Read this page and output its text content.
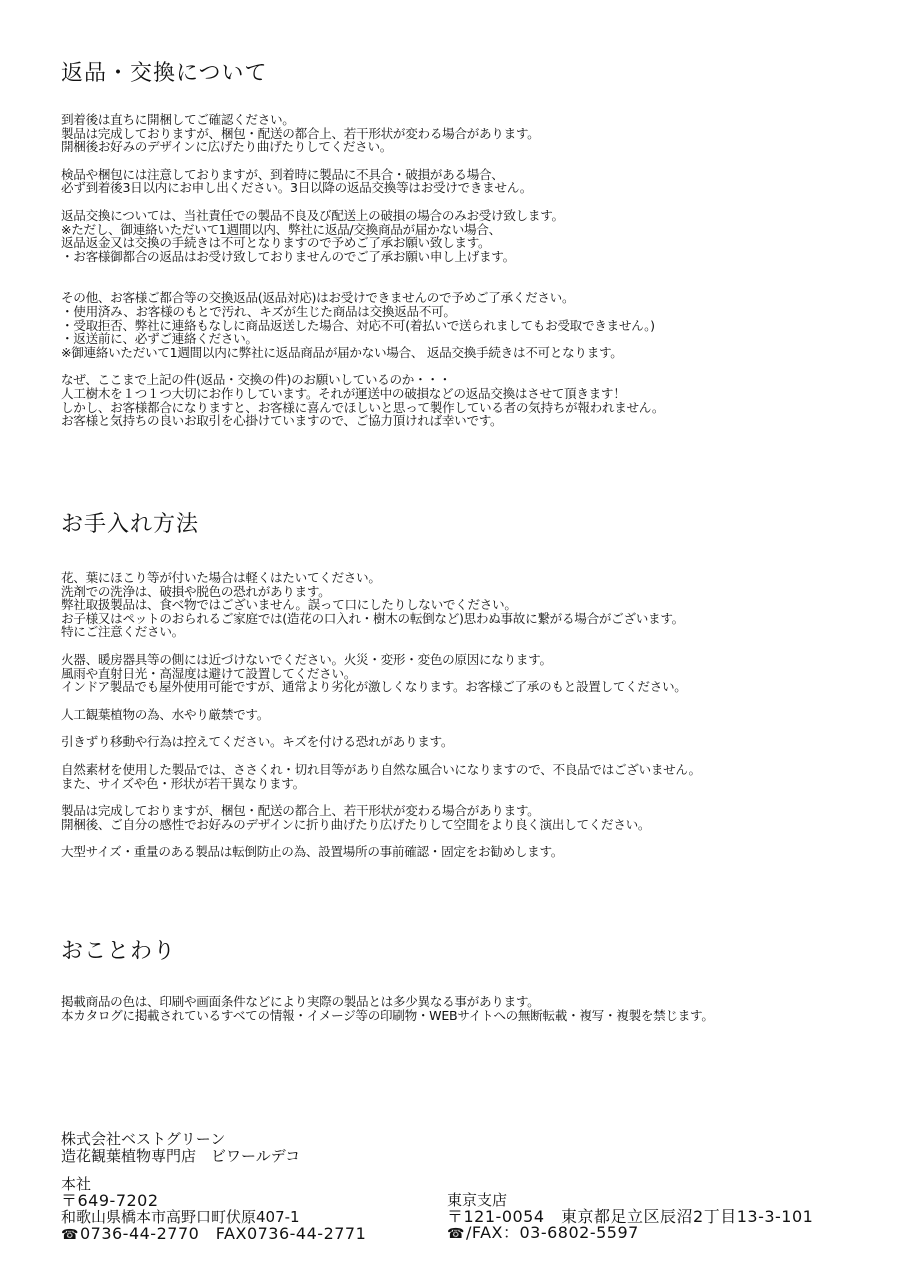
返品・交換について
到着後は直ちに開梱してご確認ください。
製品は完成しておりますが、梱包・配送の都合上、若干形状が変わる場合があります。
開梱後お好みのデザインに広げたり曲げたりしてください。
検品や梱包には注意しておりますが、到着時に製品に不具合・破損がある場合、
必ず到着後3日以内にお申し出ください。3日以降の返品交換等はお受けできません。
返品交換については、当社責任での製品不良及び配送上の破損の場合のみお受け致します。
※ただし、御連絡いただいて1週間以内、弊社に返品/交換商品が届かない場合、
返品返金又は交換の手続きは不可となりますので予めご了承お願い致します。
・お客様御都合の返品はお受け致しておりませんのでご了承お願い申し上げます。
その他、お客様ご都合等の交換返品(返品対応)はお受けできませんので予めご了承ください。
・使用済み、お客様のもとで汚れ、キズが生じた商品は交換返品不可。
・受取拒否、弊社に連絡もなしに商品返送した場合、対応不可(着払いで送られましてもお受取できません。)
・返送前に、必ずご連絡ください。
※御連絡いただいて1週間以内に弊社に返品商品が届かない場合、 返品交換手続きは不可となります。
なぜ、ここまで上記の件(返品・交換の件)のお願いしているのか・・・
人工樹木を１つ１つ大切にお作りしています。それが運送中の破損などの返品交換はさせて頂きます！
しかし、お客様都合になりますと、お客様に喜んでほしいと思って製作している者の気持ちが報われません。
お客様と気持ちの良いお取引を心掛けていますので、ご協力頂ければ幸いです。
お手入れ方法
花、葉にほこり等が付いた場合は軽くはたいてください。
洗剤での洗浄は、破損や脱色の恐れがあります。
弊社取扱製品は、食べ物ではございません。誤って口にしたりしないでください。
お子様又はペットのおられるご家庭では(造花の口入れ・樹木の転倒など)思わぬ事故に繋がる場合がございます。
特にご注意ください。
火器、暖房器具等の側には近づけないでください。火災・変形・変色の原因になります。
風雨や直射日光・高湿度は避けて設置してください。
インドア製品でも屋外使用可能ですが、通常より劣化が激しくなります。お客様ご了承のもと設置してください。
人工観葉植物の為、水やり厳禁です。
引きずり移動や行為は控えてください。キズを付ける恐れがあります。
自然素材を使用した製品では、ささくれ・切れ目等があり自然な風合いになりますので、不良品ではございません。
また、サイズや色・形状が若干異なります。
製品は完成しておりますが、梱包・配送の都合上、若干形状が変わる場合があります。
開梱後、ご自分の感性でお好みのデザインに折り曲げたり広げたりして空間をより良く演出してください。
大型サイズ・重量のある製品は転倒防止の為、設置場所の事前確認・固定をお勧めします。
おことわり
掲載商品の色は、印刷や画面条件などにより実際の製品とは多少異なる事があります。
本カタログに掲載されているすべての情報・イメージ等の印刷物・WEBサイトへの無断転載・複写・複製を禁じます。
株式会社ベストグリーン
造花観葉植物専門店　ビワールデコ
本社
〒649-7202
和歌山県橋本市高野口町伏原407-1
☎0736-44-2770　FAX0736-44-2771
東京支店
〒121-0054　東京都足立区辰沼2丁目13-3-101
☎/FAX：03-6802-5597
